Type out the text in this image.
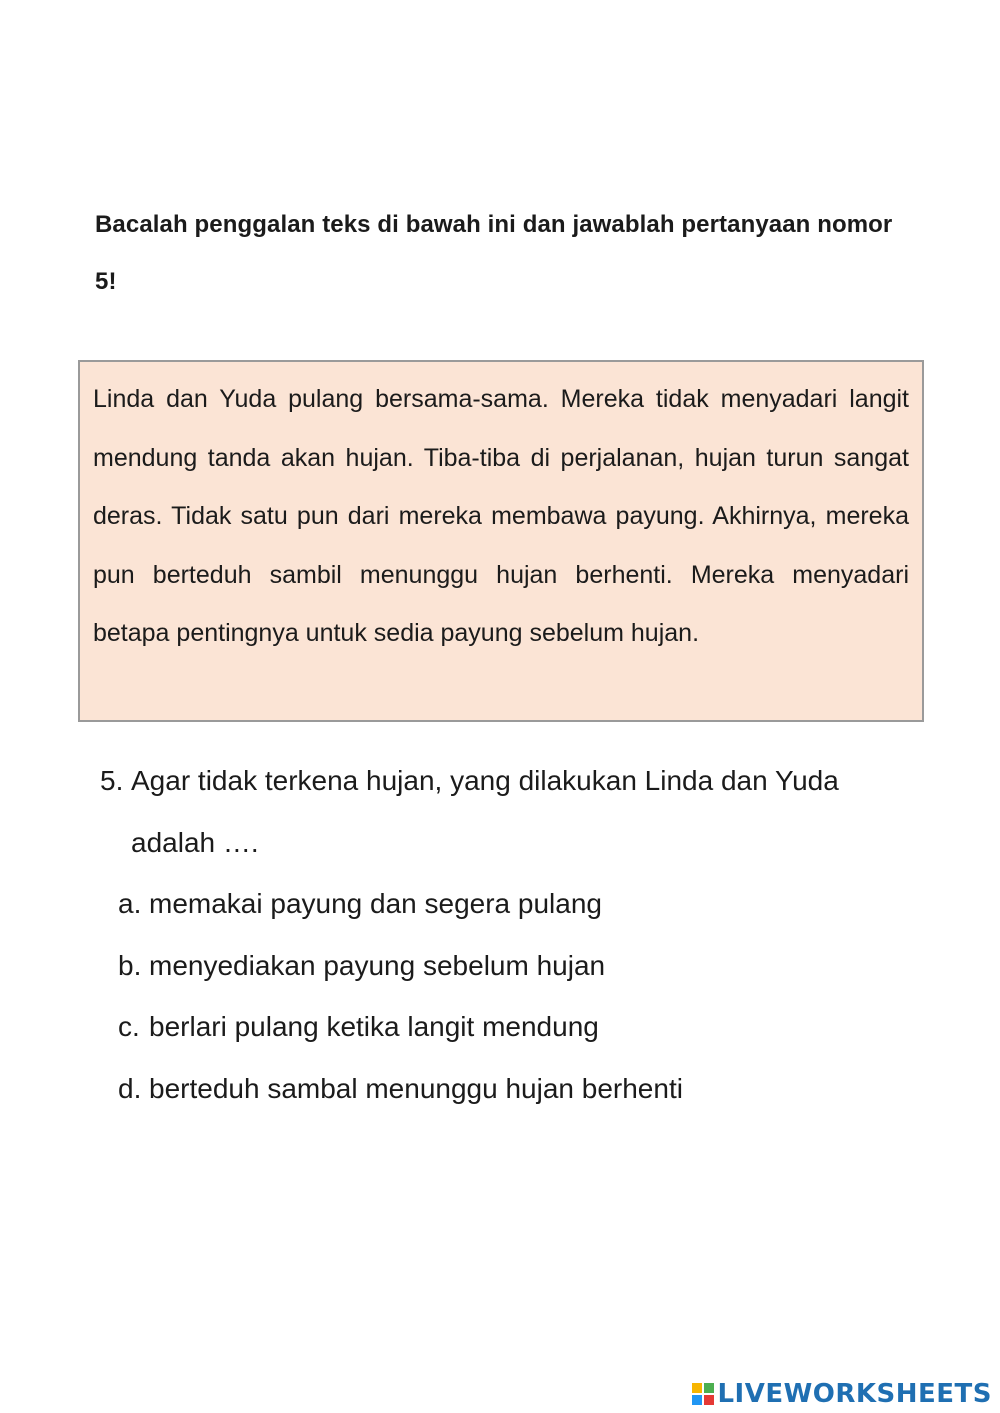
Bacalah penggalan teks di bawah ini dan jawablah pertanyaan nomor 5!

Linda dan Yuda pulang bersama-sama. Mereka tidak menyadari langit mendung tanda akan hujan. Tiba-tiba di perjalanan, hujan turun sangat deras. Tidak satu pun dari mereka membawa payung. Akhirnya, mereka pun berteduh sambil menunggu hujan berhenti. Mereka menyadari betapa pentingnya untuk sedia payung sebelum hujan.

5. Agar tidak terkena hujan, yang dilakukan Linda dan Yuda adalah ….
a. memakai payung dan segera pulang
b. menyediakan payung sebelum hujan
c. berlari pulang ketika langit mendung
d. berteduh sambal menunggu hujan berhenti
LIVEWORKSHEETS
